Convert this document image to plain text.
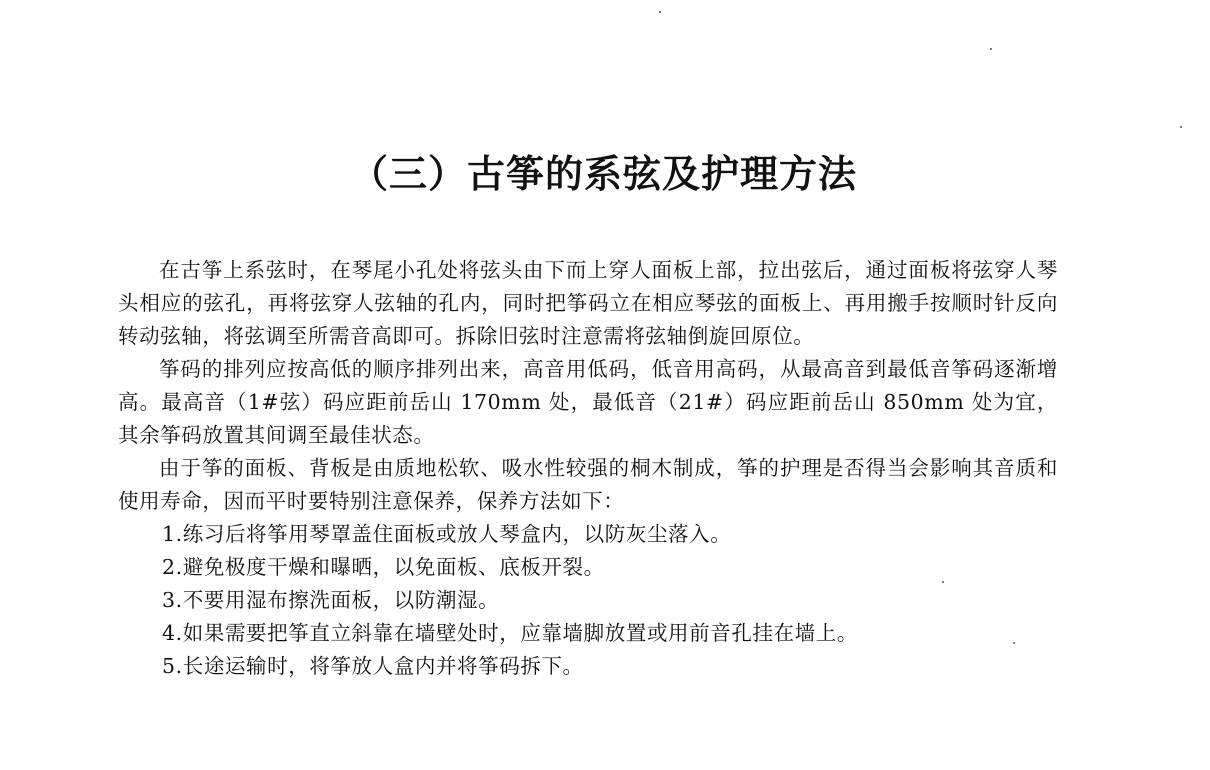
（三）古筝的系弦及护理方法

在古筝上系弦时，在琴尾小孔处将弦头由下而上穿人面板上部，拉出弦后，通过面板将弦穿人琴头相应的弦孔，再将弦穿人弦轴的孔内，同时把筝码立在相应琴弦的面板上、再用搬手按顺时针反向转动弦轴，将弦调至所需音高即可。拆除旧弦时注意需将弦轴倒旋回原位。

筝码的排列应按高低的顺序排列出来，高音用低码，低音用高码，从最高音到最低音筝码逐渐增高。最高音（1#弦）码应距前岳山 170mm 处，最低音（21#）码应距前岳山 850mm 处为宜，其余筝码放置其间调至最佳状态。

由于筝的面板、背板是由质地松软、吸水性较强的桐木制成，筝的护理是否得当会影响其音质和使用寿命，因而平时要特别注意保养，保养方法如下：

1.练习后将筝用琴罩盖住面板或放人琴盒内，以防灰尘落入。
2.避免极度干燥和曝晒，以免面板、底板开裂。
3.不要用湿布擦洗面板，以防潮湿。
4.如果需要把筝直立斜靠在墙壁处时，应靠墙脚放置或用前音孔挂在墙上。
5.长途运输时，将筝放人盒内并将筝码拆下。
